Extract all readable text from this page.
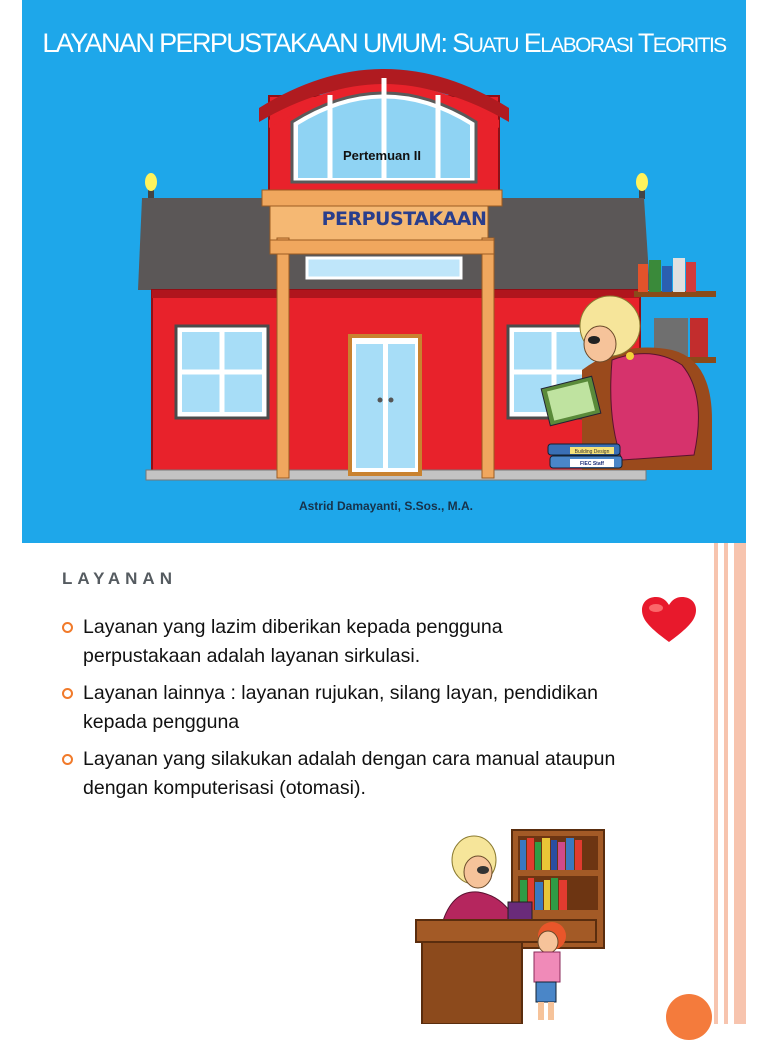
Building Design
FIEC Staff
LAYANAN PERPUSTAKAAN UMUM: SUATU ELABORASI TEORITIS
Pertemuan II
PERPUSTAKAAN
Astrid Damayanti, S.Sos., M.A.
LAYANAN
Layanan yang lazim diberikan kepada pengguna perpustakaan adalah layanan sirkulasi.
Layanan lainnya : layanan rujukan, silang layan, pendidikan kepada pengguna
Layanan yang silakukan adalah dengan cara manual ataupun dengan komputerisasi (otomasi).
